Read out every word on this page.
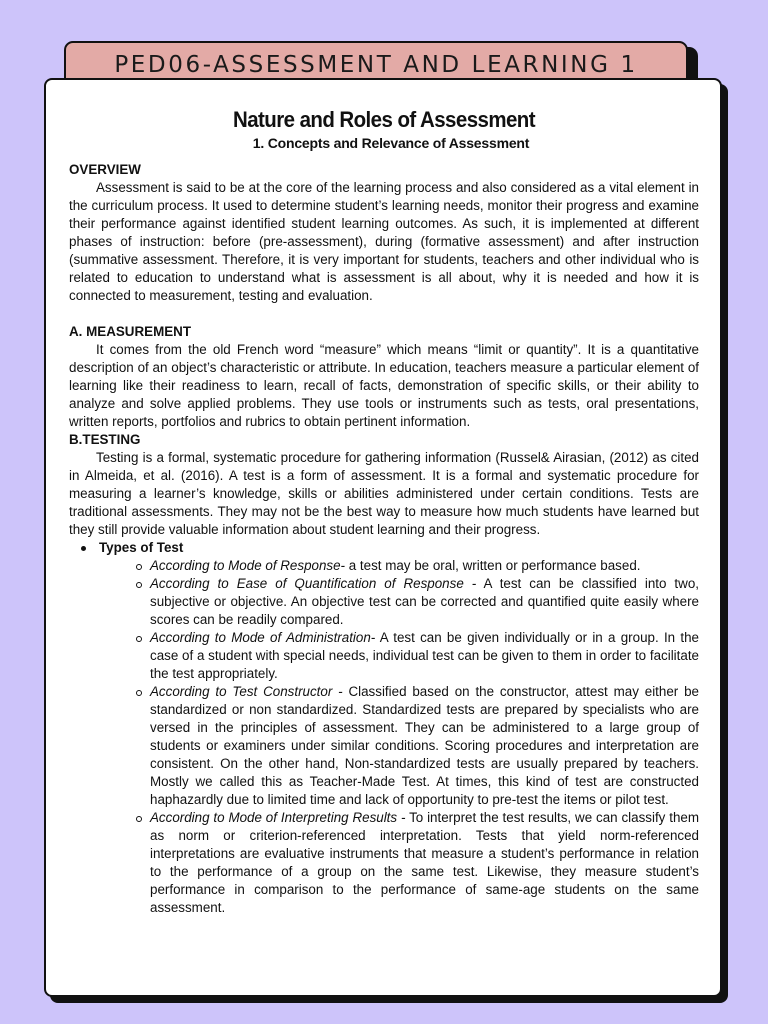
PED06-ASSESSMENT AND LEARNING 1
Nature and Roles of Assessment
1. Concepts and Relevance of Assessment
OVERVIEW

Assessment is said to be at the core of the learning process and also considered as a vital element in the curriculum process. It used to determine student’s learning needs, monitor their progress and examine their performance against identified student learning outcomes. As such, it is implemented at different phases of instruction: before (pre-assessment), during (formative assessment) and after instruction (summative assessment. Therefore, it is very important for students, teachers and other individual who is related to education to understand what is assessment is all about, why it is needed and how it is connected to measurement, testing and evaluation.

A. MEASUREMENT

It comes from the old French word “measure” which means “limit or quantity”. It is a quantitative description of an object’s characteristic or attribute. In education, teachers measure a particular element of learning like their readiness to learn, recall of facts, demonstration of specific skills, or their ability to analyze and solve applied problems. They use tools or instruments such as tests, oral presentations, written reports, portfolios and rubrics to obtain pertinent information.

B.TESTING

Testing is a formal, systematic procedure for gathering information (Russel& Airasian, (2012) as cited in Almeida, et al. (2016). A test is a form of assessment. It is a formal and systematic procedure for measuring a learner’s knowledge, skills or abilities administered under certain conditions. Tests are traditional assessments. They may not be the best way to measure how much students have learned but they still provide valuable information about student learning and their progress.

Types of Test
According to Mode of Response- a test may be oral, written or performance based.
According to Ease of Quantification of Response - A test can be classified into two, subjective or objective. An objective test can be corrected and quantified quite easily where scores can be readily compared.
According to Mode of Administration- A test can be given individually or in a group. In the case of a student with special needs, individual test can be given to them in order to facilitate the test appropriately.
According to Test Constructor - Classified based on the constructor, attest may either be standardized or non standardized. Standardized tests are prepared by specialists who are versed in the principles of assessment. They can be administered to a large group of students or examiners under similar conditions. Scoring procedures and interpretation are consistent. On the other hand, Non-standardized tests are usually prepared by teachers. Mostly we called this as Teacher-Made Test. At times, this kind of test are constructed haphazardly due to limited time and lack of opportunity to pre-test the items or pilot test.
According to Mode of Interpreting Results - To interpret the test results, we can classify them as norm or criterion-referenced interpretation. Tests that yield norm-referenced interpretations are evaluative instruments that measure a student’s performance in relation to the performance of a group on the same test. Likewise, they measure student’s performance in comparison to the performance of same-age students on the same assessment.
